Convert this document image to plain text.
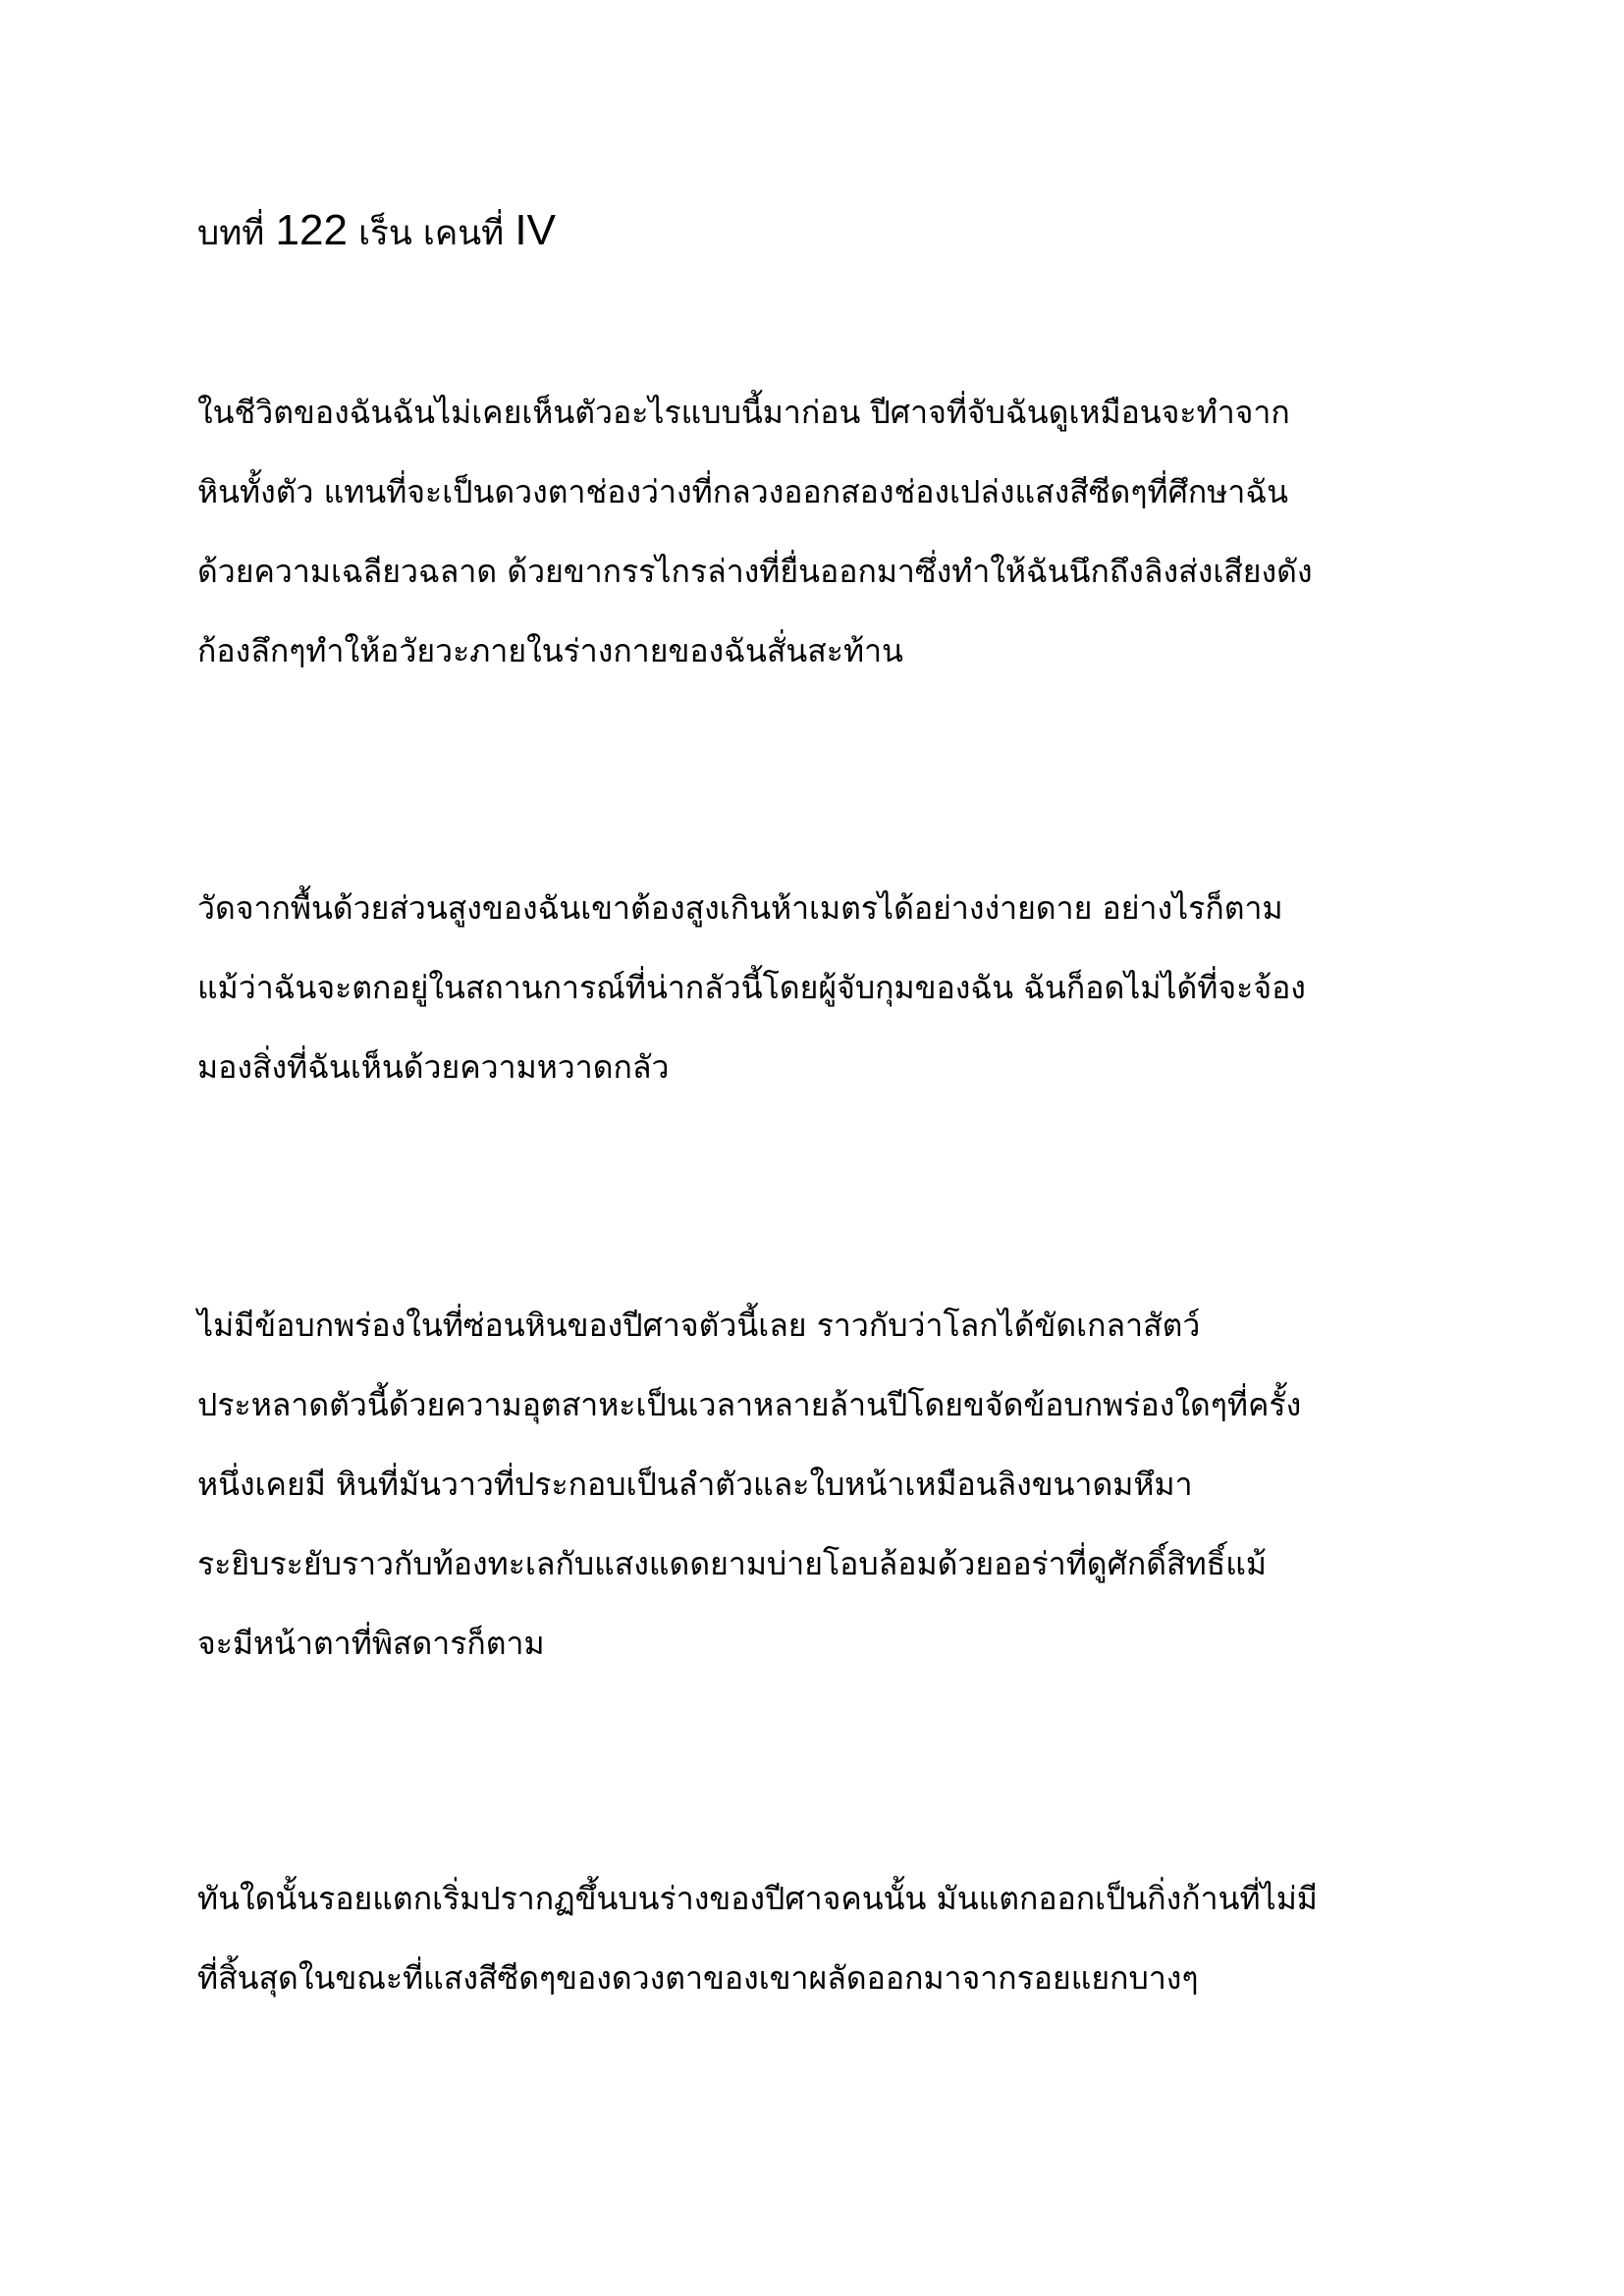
บทที่ 122 เร็น เคนที่ IV

ในชีวิตของฉันฉันไม่เคยเห็นตัวอะไรแบบนี้มาก่อน ปีศาจที่จับฉันดูเหมือนจะทำจาก
หินทั้งตัว แทนที่จะเป็นดวงตาช่องว่างที่กลวงออกสองช่องเปล่งแสงสีซีดๆที่ศึกษาฉัน
ด้วยความเฉลียวฉลาด ด้วยขากรรไกรล่างที่ยื่นออกมาซึ่งทำให้ฉันนึกถึงลิงส่งเสียงดัง
ก้องลึกๆทำให้อวัยวะภายในร่างกายของฉันสั่นสะท้าน

วัดจากพื้นด้วยส่วนสูงของฉันเขาต้องสูงเกินห้าเมตรได้อย่างง่ายดาย อย่างไรก็ตาม
แม้ว่าฉันจะตกอยู่ในสถานการณ์ที่น่ากลัวนี้โดยผู้จับกุมของฉัน ฉันก็อดไม่ได้ที่จะจ้อง
มองสิ่งที่ฉันเห็นด้วยความหวาดกลัว

ไม่มีข้อบกพร่องในที่ซ่อนหินของปีศาจตัวนี้เลย ราวกับว่าโลกได้ขัดเกลาสัตว์
ประหลาดตัวนี้ด้วยความอุตสาหะเป็นเวลาหลายล้านปีโดยขจัดข้อบกพร่องใดๆที่ครั้ง
หนึ่งเคยมี หินที่มันวาวที่ประกอบเป็นลำตัวและใบหน้าเหมือนลิงขนาดมหึมา
ระยิบระยับราวกับท้องทะเลกับแสงแดดยามบ่ายโอบล้อมด้วยออร่าที่ดูศักดิ์สิทธิ์แม้
จะมีหน้าตาที่พิสดารก็ตาม

ทันใดนั้นรอยแตกเริ่มปรากฏขึ้นบนร่างของปีศาจคนนั้น มันแตกออกเป็นกิ่งก้านที่ไม่มี
ที่สิ้นสุดในขณะที่แสงสีซีดๆของดวงตาของเขาผลัดออกมาจากรอยแยกบางๆ
